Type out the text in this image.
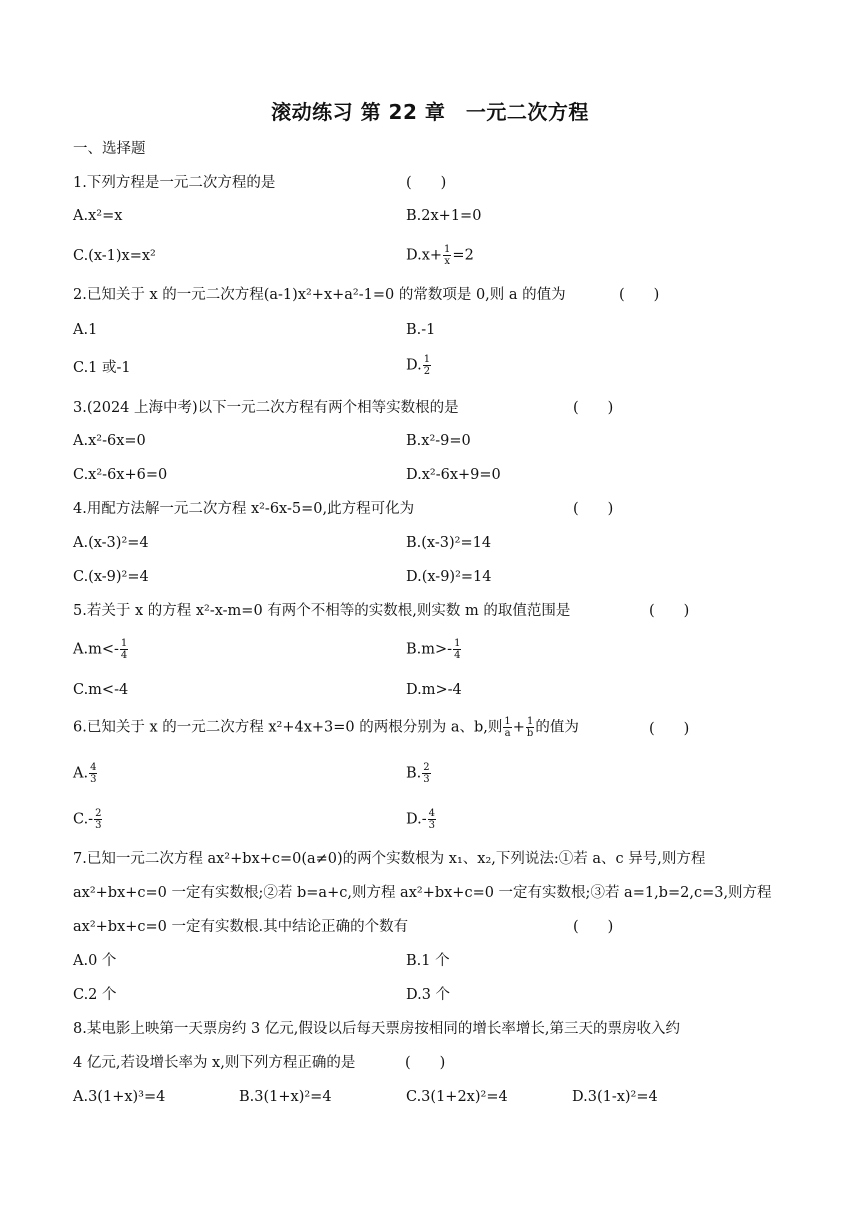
滚动练习 第 22 章　一元二次方程
一、选择题
1.下列方程是一元二次方程的是	(　　)
A.x²=x	B.2x+1=0
C.(x-1)x=x²	$D.x+ \frac{1}{x} =2$
2.已知关于 x 的一元二次方程(a-1)x²+x+a²-1=0 的常数项是 0,则 a 的值为	(　　)
A.1	B.-1
C.1 或-1	D. $\frac{1}{2}$
3.(2024 上海中考)以下一元二次方程有两个相等实数根的是	(　　)
A.x²-6x=0	B.x²-9=0
C.x²-6x+6=0	D.x²-6x+9=0
4.用配方法解一元二次方程 x²-6x-5=0,此方程可化为	(　　)
A.(x-3)²=4	B.(x-3)²=14
C.(x-9)²=4	D.(x-9)²=14
5.若关于 x 的方程 x²-x-m=0 有两个不相等的实数根,则实数 m 的取值范围是	(　　)
$A.m<- \frac{1}{4}$	$B.m>- \frac{1}{4}$
C.m<-4	D.m>-4
6.已知关于 x 的一元二次方程 x²+4x+3=0 的两根分别为 a、b,则 $\frac{1}{a} + \frac{1}{b}$ 的值为	(　　)
A. $\frac{4}{3}$	B. $\frac{2}{3}$
$C.- \frac{2}{3}$	$D.- \frac{4}{3}$
7.已知一元二次方程 ax²+bx+c=0(a≠0)的两个实数根为 x₁、x₂,下列说法:①若 a、c 异号,则方程
ax²+bx+c=0 一定有实数根;②若 b=a+c,则方程 ax²+bx+c=0 一定有实数根;③若 a=1,b=2,c=3,则方程
ax²+bx+c=0 一定有实数根.其中结论正确的个数有	(　　)
A.0 个	B.1 个
C.2 个	D.3 个
8.某电影上映第一天票房约 3 亿元,假设以后每天票房按相同的增长率增长,第三天的票房收入约
4 亿元,若设增长率为 x,则下列方程正确的是	(　　)
A.3(1+x)³=4	B.3(1+x)²=4	C.3(1+2x)²=4	D.3(1-x)²=4
